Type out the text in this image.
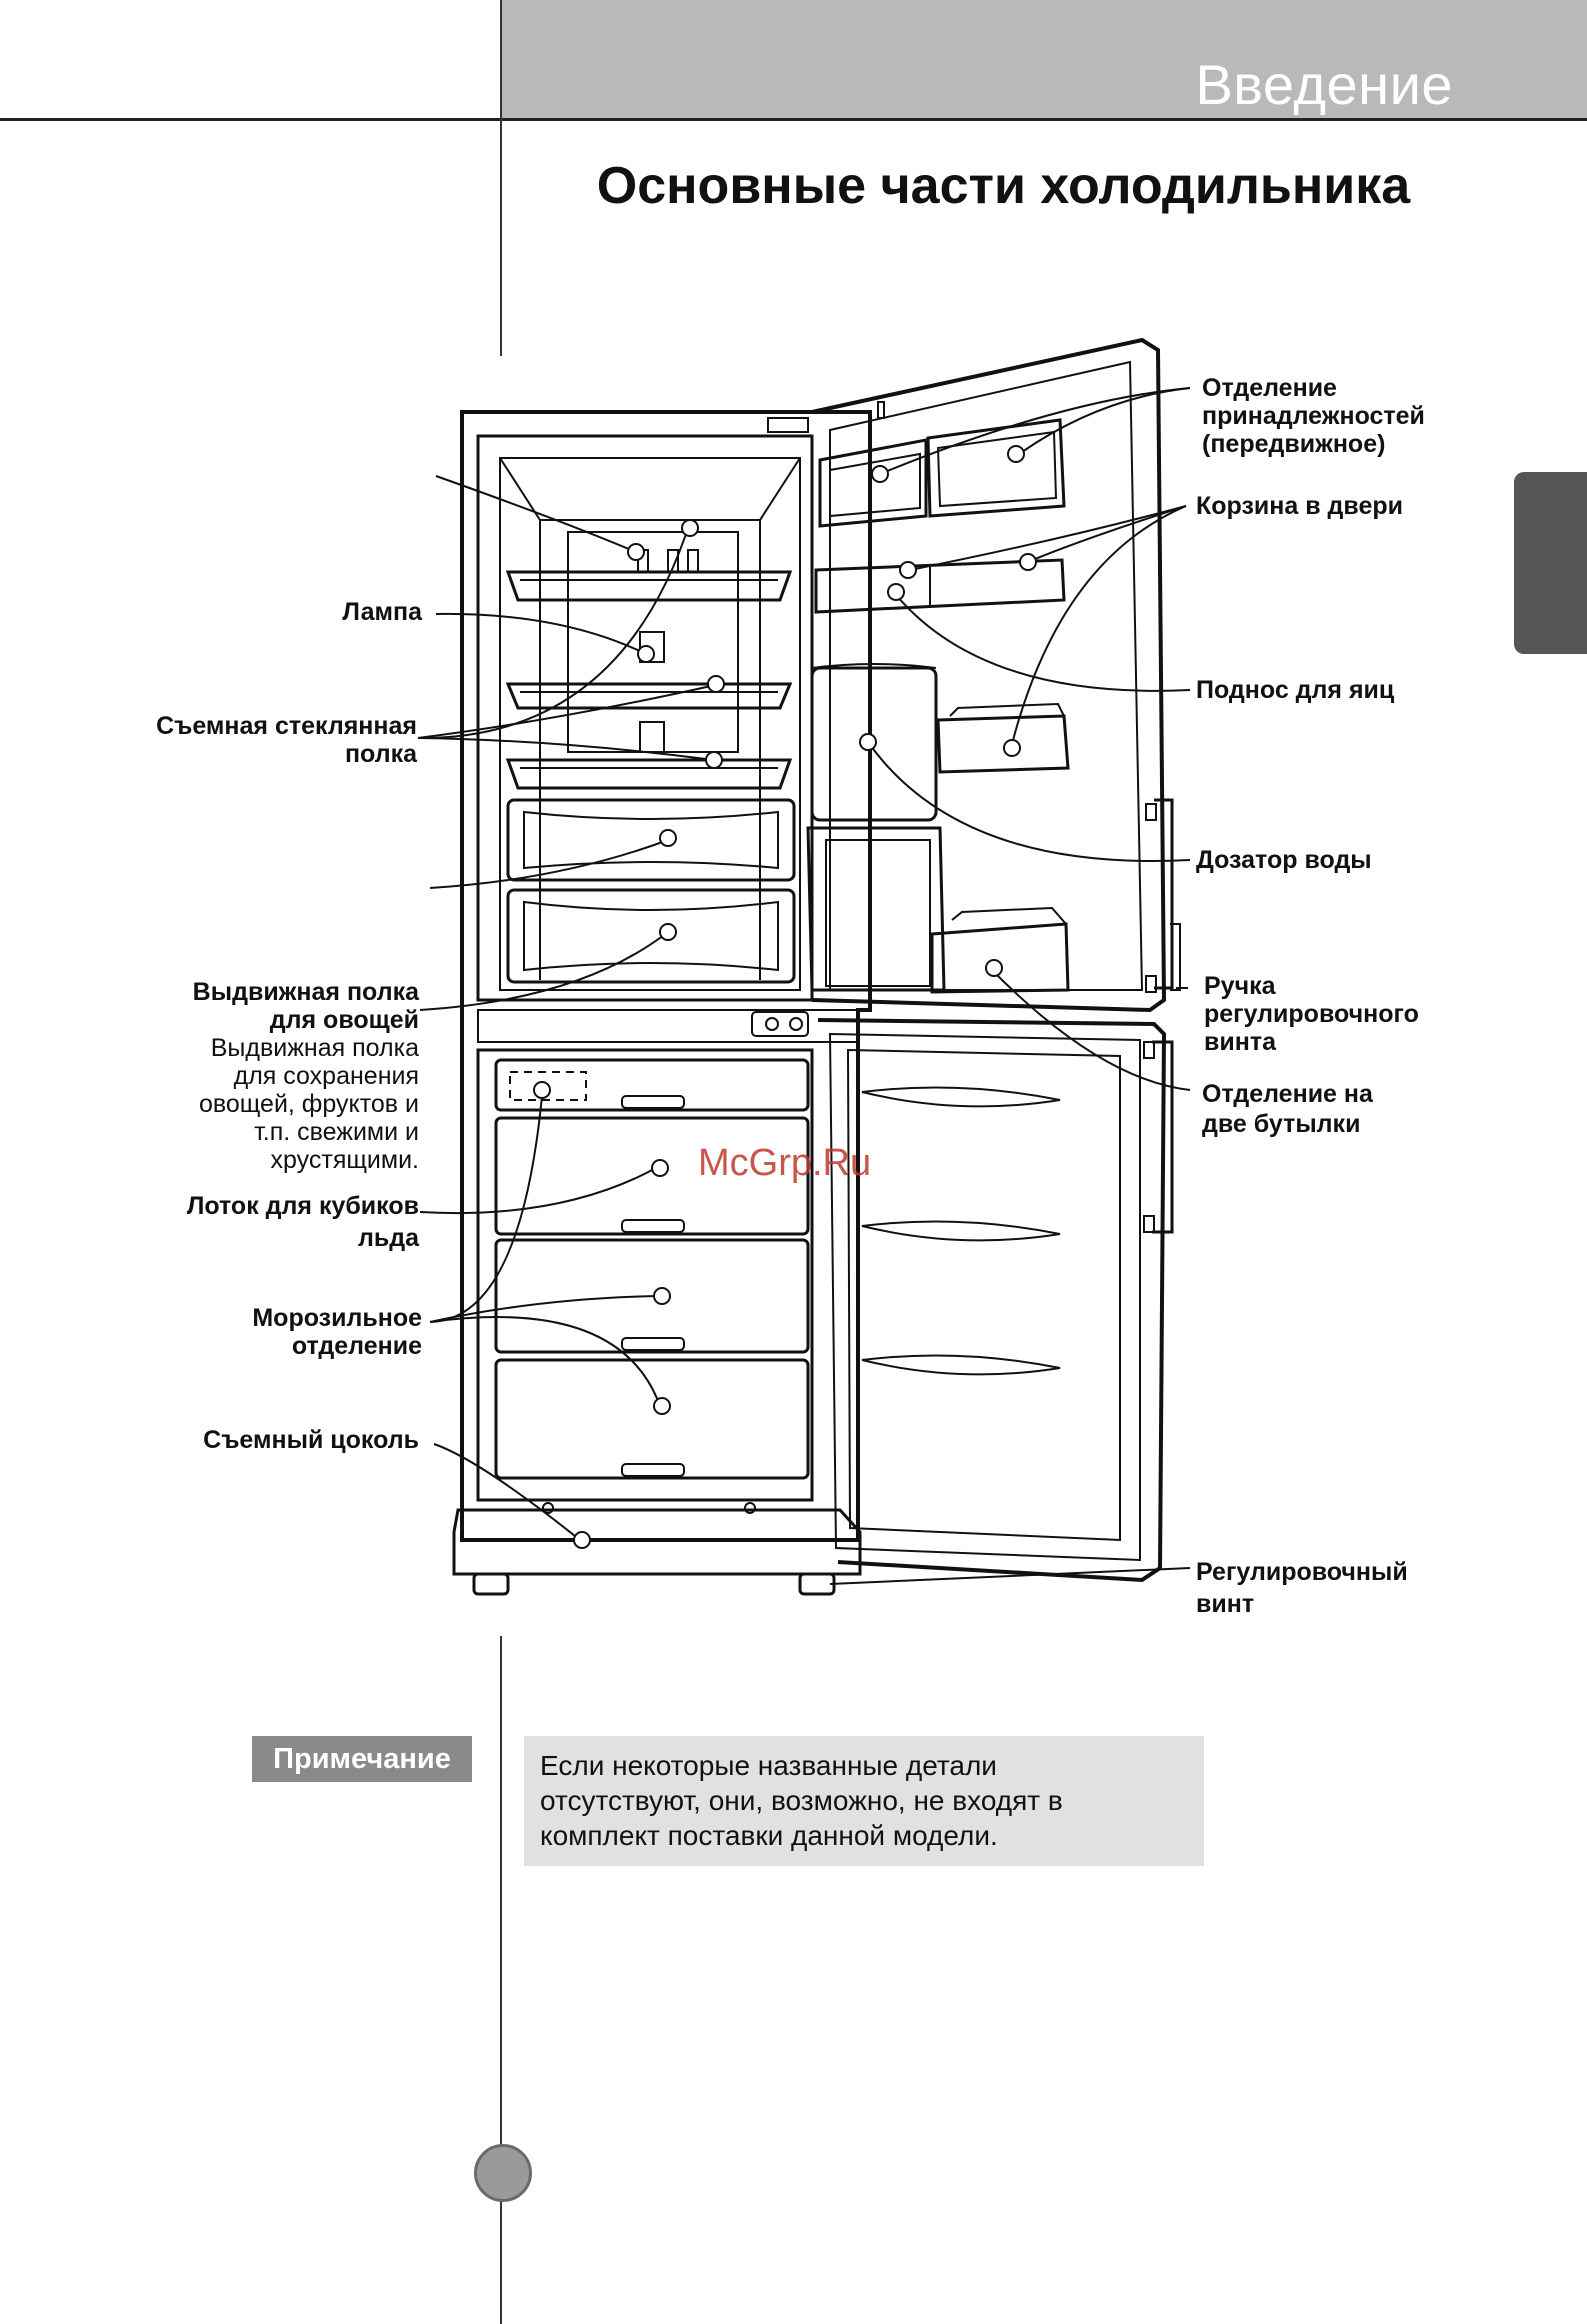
Введение
Основные части холодильника
Лампа
Съемная стеклянная
полка
Выдвижная полка
для овощей
Выдвижная полка
для сохранения
овощей, фруктов и
т.п. свежими и
хрустящими.
Лоток для кубиков
льда
Морозильное
отделение
Съемный цоколь
Отделение
принадлежностей
(передвижное)
Корзина в двери
Поднос для яиц
Дозатор воды
Ручка
регулировочного
винта
Отделение на
две бутылки
Регулировочный
винт
McGrp.Ru
Примечание	Если некоторые названные детали
отсутствуют, они, возможно, не входят в
комплект поставки данной модели.
